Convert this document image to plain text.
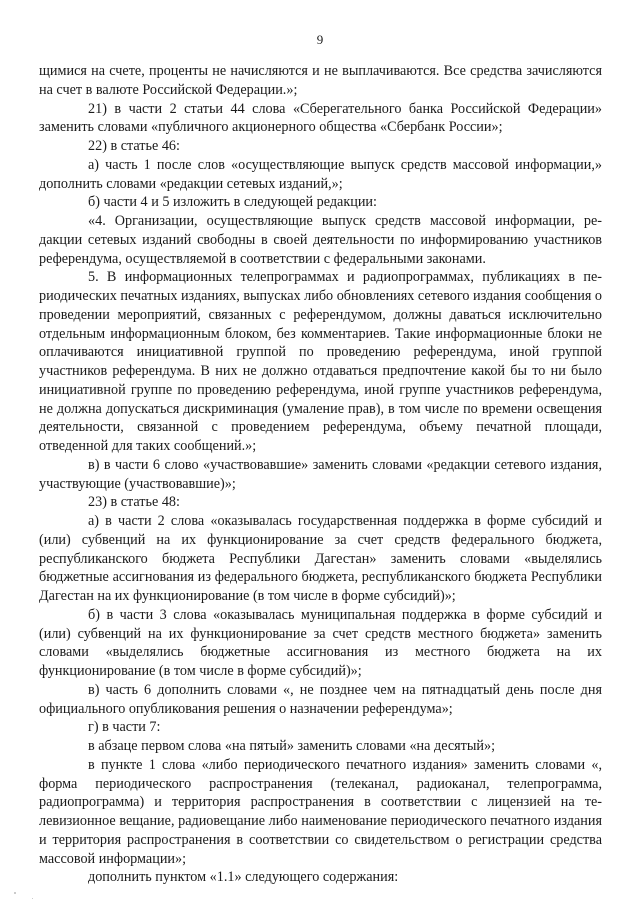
9

щимися на счете, проценты не начисляются и не выплачиваются. Все средства зачисляются на счет в валюте Российской Федерации.»;

21) в части 2 статьи 44 слова «Сберегательного банка Российской Федерации» заменить словами «публичного акционерного общества «Сбербанк России»;

22) в статье 46:

а) часть 1 после слов «осуществляющие выпуск средств массовой информации,» дополнить словами «редакции сетевых изданий,»;

б) части 4 и 5 изложить в следующей редакции:

«4. Организации, осуществляющие выпуск средств массовой информации, редакции сетевых изданий свободны в своей деятельности по информированию участников референдума, осуществляемой в соответствии с федеральными законами.

5. В информационных телепрограммах и радиопрограммах, публикациях в периодических печатных изданиях, выпусках либо обновлениях сетевого издания сообщения о проведении мероприятий, связанных с референдумом, должны даваться исключительно отдельным информационным блоком, без комментариев. Такие информационные блоки не оплачиваются инициативной группой по проведению референдума, иной группой участников референдума. В них не должно отдаваться предпочтение какой бы то ни было инициативной группе по проведению референдума, иной группе участников референдума, не должна допускаться дискриминация (умаление прав), в том числе по времени освещения деятельности, связанной с проведением референдума, объему печатной площади, отведенной для таких сообщений.»;

в) в части 6 слово «участвовавшие» заменить словами «редакции сетевого издания, участвующие (участвовавшие)»;

23) в статье 48:

а) в части 2 слова «оказывалась государственная поддержка в форме субсидий и (или) субвенций на их функционирование за счет средств федерального бюджета, республиканского бюджета Республики Дагестан» заменить словами «выделялись бюджетные ассигнования из федерального бюджета, республиканского бюджета Республики Дагестан на их функционирование (в том числе в форме субсидий)»;

б) в части 3 слова «оказывалась муниципальная поддержка в форме субсидий и (или) субвенций на их функционирование за счет средств местного бюджета» заменить словами «выделялись бюджетные ассигнования из местного бюджета на их функционирование (в том числе в форме субсидий)»;

в) часть 6 дополнить словами «, не позднее чем на пятнадцатый день после дня официального опубликования решения о назначении референдума»;

г) в части 7:

в абзаце первом слова «на пятый» заменить словами «на десятый»;

в пункте 1 слова «либо периодического печатного издания» заменить словами «, форма периодического распространения (телеканал, радиоканал, телепрограмма, радиопрограмма) и территория распространения в соответствии с лицензией на телевизионное вещание, радиовещание либо наименование периодического печатного издания и территория распространения в соответствии со свидетельством о регистрации средства массовой информации»;

дополнить пунктом «1.1» следующего содержания:
